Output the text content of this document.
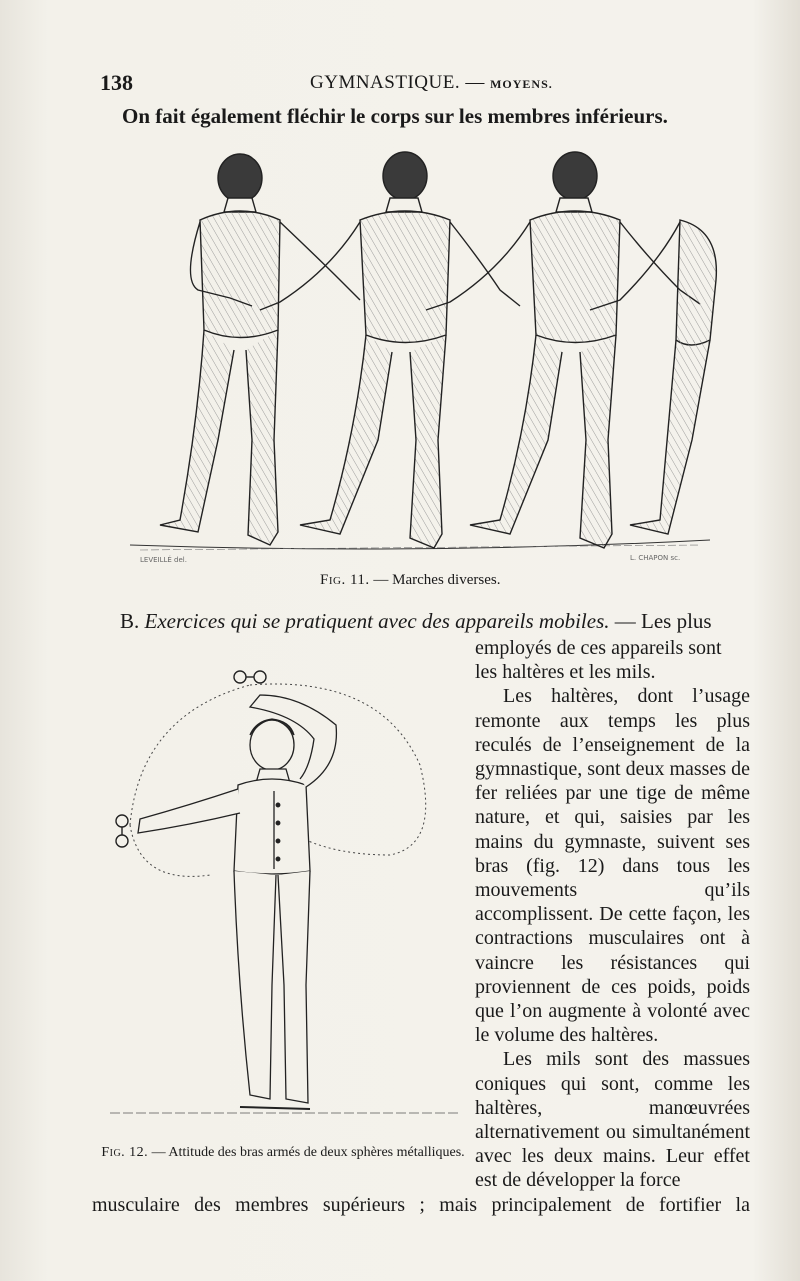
138	GYMNASTIQUE. — MOYENS.
On fait également fléchir le corps sur les membres inférieurs.
LEVEILLÉ del.	L. CHAPON sc.
Fig. 11. — Marches diverses.
B. Exercices qui se pratiquent avec des appareils mobiles. — Les plus
Fig. 12. — Attitude des bras armés de deux sphères métalliques.

employés de ces appareils sont

les haltères et les mils.

Les haltères, dont l’usage remonte aux temps les plus reculés de l’enseignement de la gymnastique, sont deux masses de fer reliées par une tige de même nature, et qui, saisies par les mains du gymnaste, suivent ses bras (fig. 12) dans tous les mouvements qu’ils accomplissent. De cette façon, les contractions musculaires ont à vaincre les résistances qui proviennent de ces poids, poids que l’on augmente à volonté avec le volume des haltères.

Les mils sont des massues coniques qui sont, comme les haltères, manœuvrées alternativement ou simultanément avec les deux mains. Leur effet est de développer la force

musculaire des membres supérieurs ; mais principalement de fortifier la
